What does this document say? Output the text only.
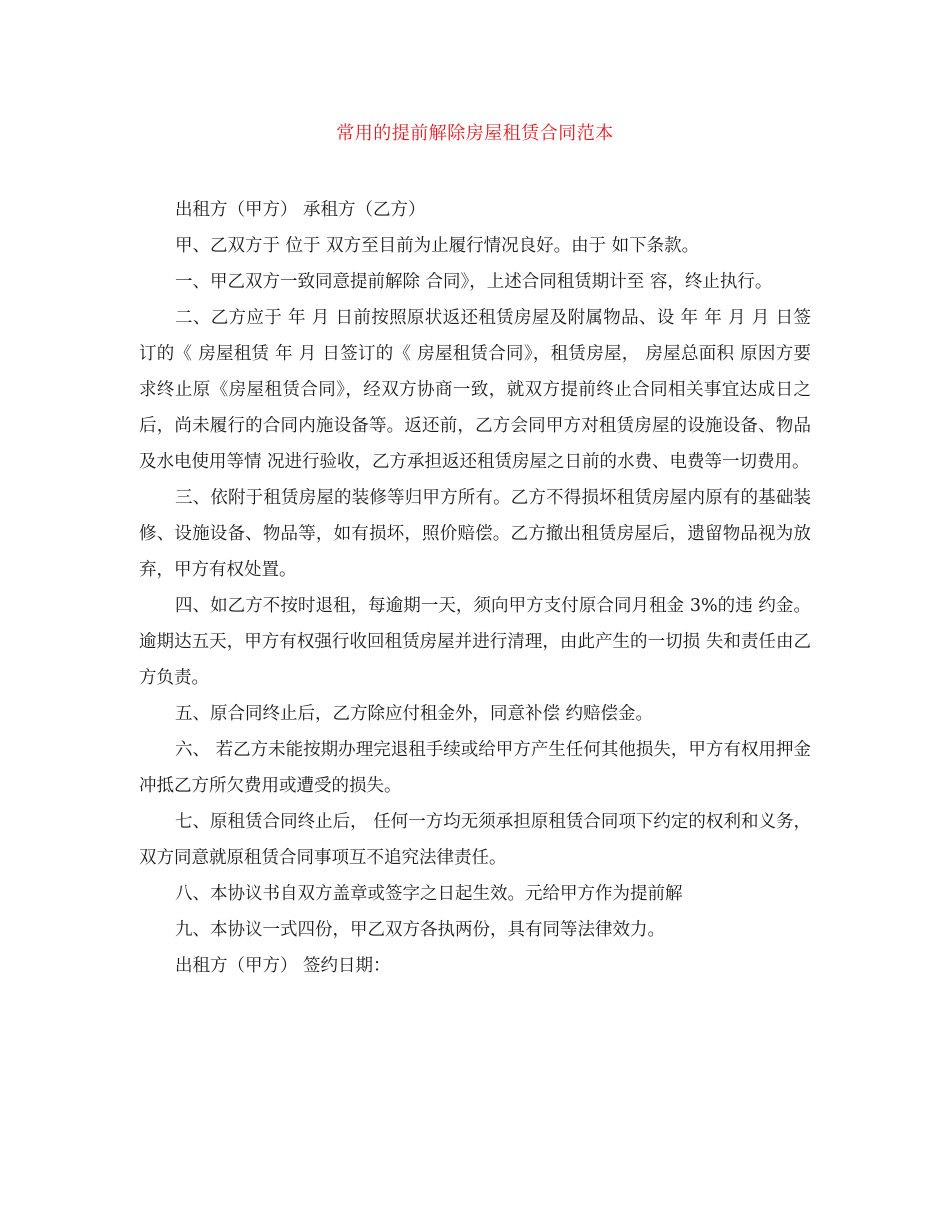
常用的提前解除房屋租赁合同范本

出租方（甲方） 承租方（乙方）

甲、乙双方于 位于 双方至目前为止履行情况良好。由于 如下条款。

一、甲乙双方一致同意提前解除 合同》，上述合同租赁期计至 容，终止执行。

二、乙方应于 年 月 日前按照原状返还租赁房屋及附属物品、设 年 年 月 月 日签订的《 房屋租赁 年 月 日签订的《 房屋租赁合同》，租赁房屋， 房屋总面积 原因方要求终止原《房屋租赁合同》，经双方协商一致，就双方提前终止合同相关事宜达成日之后，尚未履行的合同内施设备等。返还前，乙方会同甲方对租赁房屋的设施设备、物品及水电使用等情 况进行验收，乙方承担返还租赁房屋之日前的水费、电费等一切费用。

三、依附于租赁房屋的装修等归甲方所有。乙方不得损坏租赁房屋内原有的基础装修、设施设备、物品等，如有损坏，照价赔偿。乙方撤出租赁房屋后，遗留物品视为放弃，甲方有权处置。

四、如乙方不按时退租，每逾期一天，须向甲方支付原合同月租金 3%的违 约金。逾期达五天，甲方有权强行收回租赁房屋并进行清理，由此产生的一切损 失和责任由乙方负责。

五、原合同终止后，乙方除应付租金外，同意补偿 约赔偿金。

六、 若乙方未能按期办理完退租手续或给甲方产生任何其他损失，甲方有权用押金冲抵乙方所欠费用或遭受的损失。

七、原租赁合同终止后， 任何一方均无须承担原租赁合同项下约定的权利和义务，双方同意就原租赁合同事项互不追究法律责任。

八、本协议书自双方盖章或签字之日起生效。元给甲方作为提前解

九、本协议一式四份，甲乙双方各执两份，具有同等法律效力。

出租方（甲方） 签约日期：
